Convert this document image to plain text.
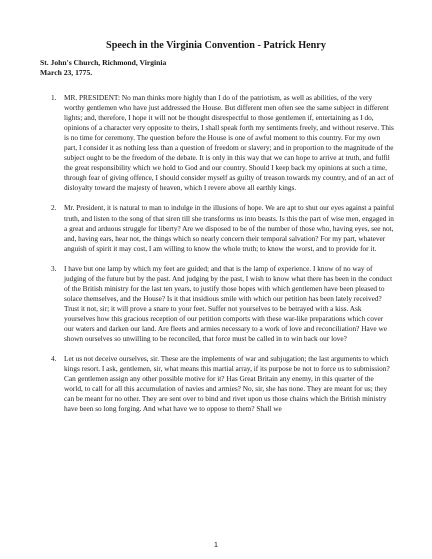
Speech in the Virginia Convention - Patrick Henry
St. John's Church, Richmond, Virginia
March 23, 1775.
1. MR. PRESIDENT: No man thinks more highly than I do of the patriotism, as well as abilities, of the very worthy gentlemen who have just addressed the House. But different men often see the same subject in different lights; and, therefore, I hope it will not be thought disrespectful to those gentlemen if, entertaining as I do, opinions of a character very opposite to theirs, I shall speak forth my sentiments freely, and without reserve. This is no time for ceremony. The question before the House is one of awful moment to this country. For my own part, I consider it as nothing less than a question of freedom or slavery; and in proportion to the magnitude of the subject ought to be the freedom of the debate. It is only in this way that we can hope to arrive at truth, and fulfil the great responsibility which we hold to God and our country. Should I keep back my opinions at such a time, through fear of giving offence, I should consider myself as guilty of treason towards my country, and of an act of disloyalty toward the majesty of heaven, which I revere above all earthly kings.
2. Mr. President, it is natural to man to indulge in the illusions of hope. We are apt to shut our eyes against a painful truth, and listen to the song of that siren till she transforms us into beasts. Is this the part of wise men, engaged in a great and arduous struggle for liberty? Are we disposed to be of the number of those who, having eyes, see not, and, having ears, hear not, the things which so nearly concern their temporal salvation? For my part, whatever anguish of spirit it may cost, I am willing to know the whole truth; to know the worst, and to provide for it.
3. I have but one lamp by which my feet are guided; and that is the lamp of experience. I know of no way of judging of the future but by the past. And judging by the past, I wish to know what there has been in the conduct of the British ministry for the last ten years, to justify those hopes with which gentlemen have been pleased to solace themselves, and the House? Is it that insidious smile with which our petition has been lately received? Trust it not, sir; it will prove a snare to your feet. Suffer not yourselves to be betrayed with a kiss. Ask yourselves how this gracious reception of our petition comports with these war-like preparations which cover our waters and darken our land. Are fleets and armies necessary to a work of love and reconciliation? Have we shown ourselves so unwilling to be reconciled, that force must be called in to win back our love?
4. Let us not deceive ourselves, sir. These are the implements of war and subjugation; the last arguments to which kings resort. I ask, gentlemen, sir, what means this martial array, if its purpose be not to force us to submission? Can gentlemen assign any other possible motive for it? Has Great Britain any enemy, in this quarter of the world, to call for all this accumulation of navies and armies? No, sir, she has none. They are meant for us; they can be meant for no other. They are sent over to bind and rivet upon us those chains which the British ministry have been so long forging. And what have we to oppose to them? Shall we
1
